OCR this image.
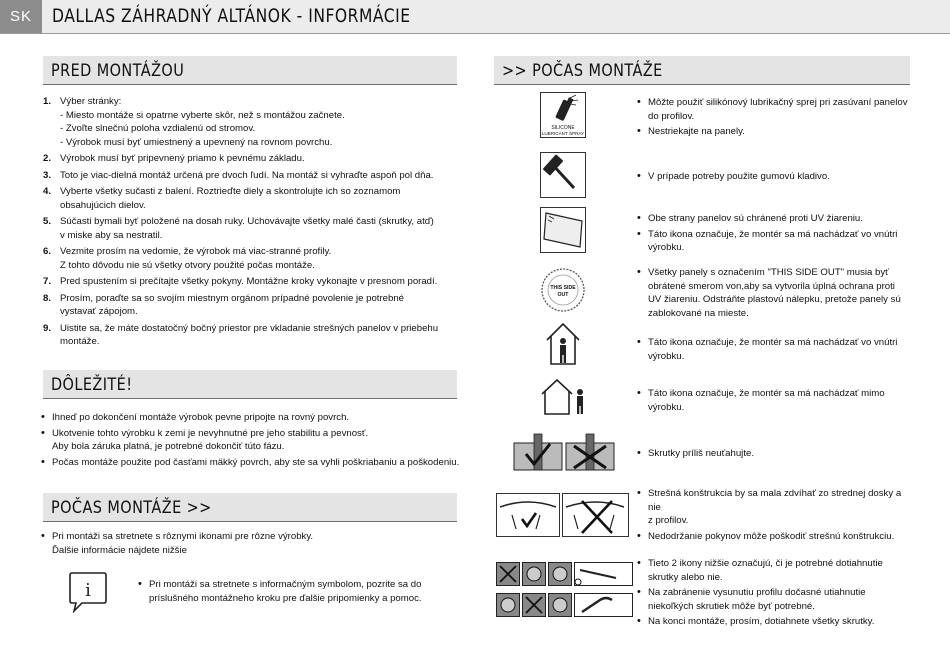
SK	DALLAS ZÁHRADNÝ ALTÁNOK - INFORMÁCIE
PRED MONTÁŽOU
1. Výber stránky:
- Miesto montáže si opatrne vyberte skôr, než s montážou začnete.
- Zvoľte slnečnú poloha vzdialenú od stromov.
- Výrobok musí byť umiestnený a upevnený na rovnom povrchu.
2. Výrobok musí byť pripevnený priamo k pevnému základu.
3. Toto je viac-dielná montáž určená pre dvoch ľudí. Na montáž si vyhraďte aspoň pol dňa.
4. Vyberte všetky sučasti z balení. Roztrieďte diely a skontrolujte ich so zoznamom
obsahujúcich dielov.
5. Súčasti bymali byť položené na dosah ruky. Uchovávajte všetky malé časti (skrutky, atď)
v miske aby sa nestratil.
6. Vezmite prosím na vedomie, že výrobok má viac-stranné profily.
Z tohto dôvodu nie sú všetky otvory použité počas montáže.
7. Pred spustením si prečítajte všetky pokyny. Montážne kroky vykonajte v presnom poradí.
8. Prosím, poraďte sa so svojím miestnym orgánom prípadné povolenie je potrebné
vystavať zápojom.
9. Uistite sa, že máte dostatočný bočný priestor pre vkladanie strešných panelov v priebehu
montáže.
DÔLEŽITÉ!
• Ihneď po dokončení montáže výrobok pevne pripojte na rovný povrch.
• Ukotvenie tohto výrobku k zemi je nevyhnutné pre jeho stabilitu a pevnosť.
Aby bola záruka platná, je potrebné dokončiť túto fázu.
• Počas montáže použite pod časťami mäkký povrch, aby ste sa vyhli poškriabaniu a poškodeniu.
POČAS MONTÁŽE >>
• Pri montáži sa stretnete s rôznymi ikonami pre rôzne výrobky.
Ďalšie informácie nájdete nižšie
i
•	Pri montáži sa stretnete s informačným symbolom, pozrite sa do
príslušného montážneho kroku pre ďalšie pripomienky a pomoc.
>> POČAS MONTÁŽE
SILICONE
LUBRICANT SPRAY
THIS SIDE
OUT
• Môžte použiť silikónový lubrikačný sprej pri zasúvaní panelov
do profilov.
• Nestriekajte na panely.
• V prípade potreby použite gumovú kladivo.
• Obe strany panelov sú chránené proti UV žiareniu.
• Táto ikona označuje, že montér sa má nachádzať vo vnútri
výrobku.
• Všetky panely s označením "THIS SIDE OUT" musia byť
obrátené smerom von,aby sa vytvorila úplná ochrana proti
UV žiareniu. Odstráňte plastovú nálepku, pretože panely sú
zablokované na mieste.
• Táto ikona označuje, že montér sa má nachádzať vo vnútri
výrobku.
• Táto ikona označuje, že montér sa má nachádzať mimo
výrobku.
• Skrutky príliš neuťahujte.
• Strešná konštrukcia by sa mala zdvíhať zo strednej dosky a nie
z profilov.
• Nedodržanie pokynov môže poškodiť strešnú konštrukciu.
• Tieto 2 ikony nižšie označujú, či je potrebné dotiahnutie
skrutky alebo nie.
• Na zabránenie vysunutiu profilu dočasné utiahnutie
niekoľkých skrutiek môže byť potrebné.
• Na konci montáže, prosím, dotiahnete všetky skrutky.
